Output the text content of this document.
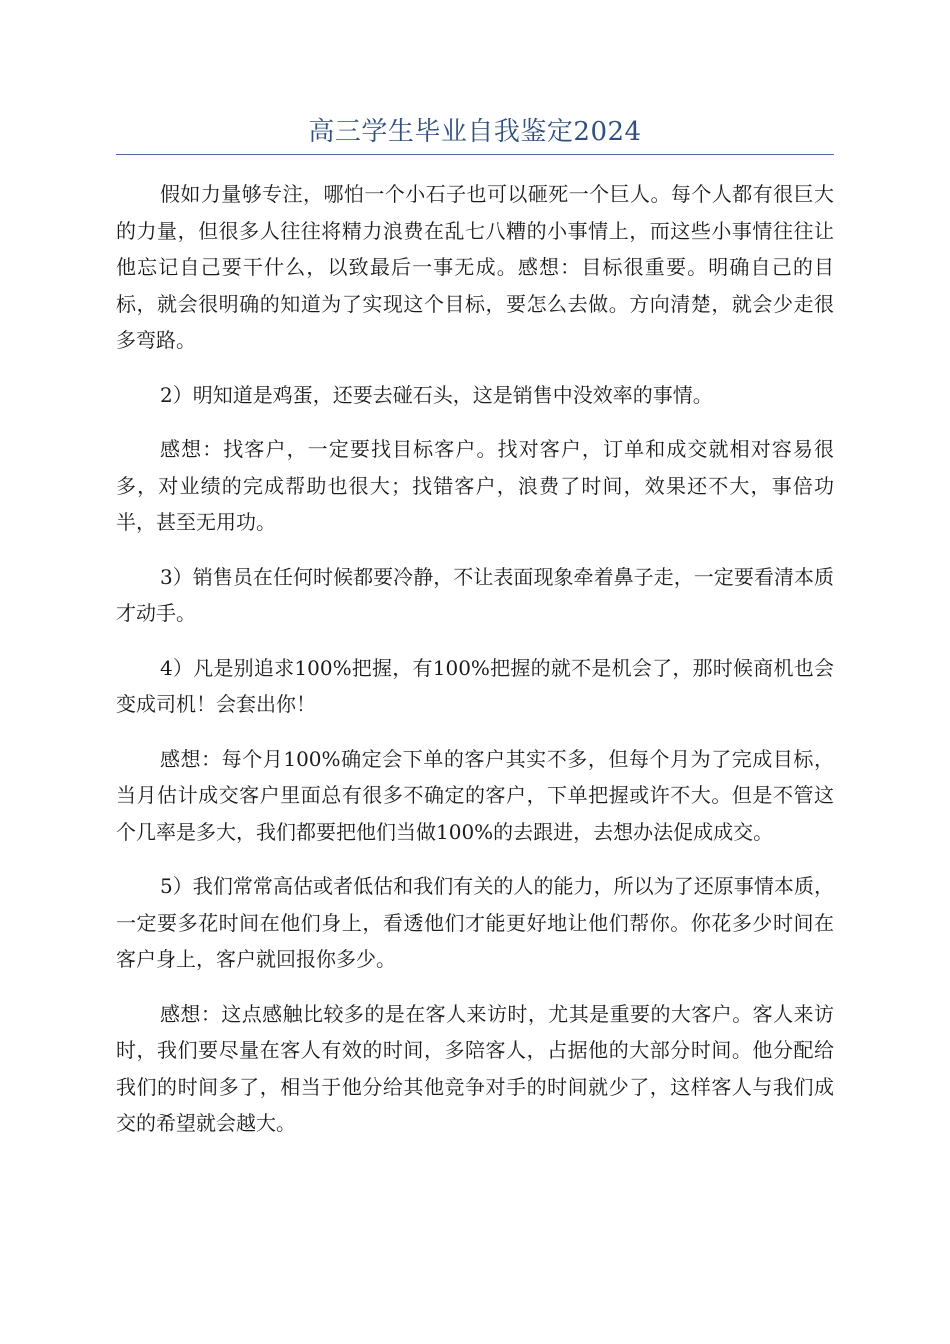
高三学生毕业自我鉴定2024

假如力量够专注，哪怕一个小石子也可以砸死一个巨人。每个人都有很巨大的力量，但很多人往往将精力浪费在乱七八糟的小事情上，而这些小事情往往让他忘记自己要干什么，以致最后一事无成。感想：目标很重要。明确自己的目标，就会很明确的知道为了实现这个目标，要怎么去做。方向清楚，就会少走很多弯路。

2）明知道是鸡蛋，还要去碰石头，这是销售中没效率的事情。

感想：找客户，一定要找目标客户。找对客户，订单和成交就相对容易很多，对业绩的完成帮助也很大；找错客户，浪费了时间，效果还不大，事倍功半，甚至无用功。

3）销售员在任何时候都要冷静，不让表面现象牵着鼻子走，一定要看清本质才动手。

4）凡是别追求100%把握，有100%把握的就不是机会了，那时候商机也会变成司机！会套出你！

感想：每个月100%确定会下单的客户其实不多，但每个月为了完成目标，当月估计成交客户里面总有很多不确定的客户，下单把握或许不大。但是不管这个几率是多大，我们都要把他们当做100%的去跟进，去想办法促成成交。

5）我们常常高估或者低估和我们有关的人的能力，所以为了还原事情本质，一定要多花时间在他们身上，看透他们才能更好地让他们帮你。你花多少时间在客户身上，客户就回报你多少。

感想：这点感触比较多的是在客人来访时，尤其是重要的大客户。客人来访时，我们要尽量在客人有效的时间，多陪客人，占据他的大部分时间。他分配给我们的时间多了，相当于他分给其他竞争对手的时间就少了，这样客人与我们成交的希望就会越大。
